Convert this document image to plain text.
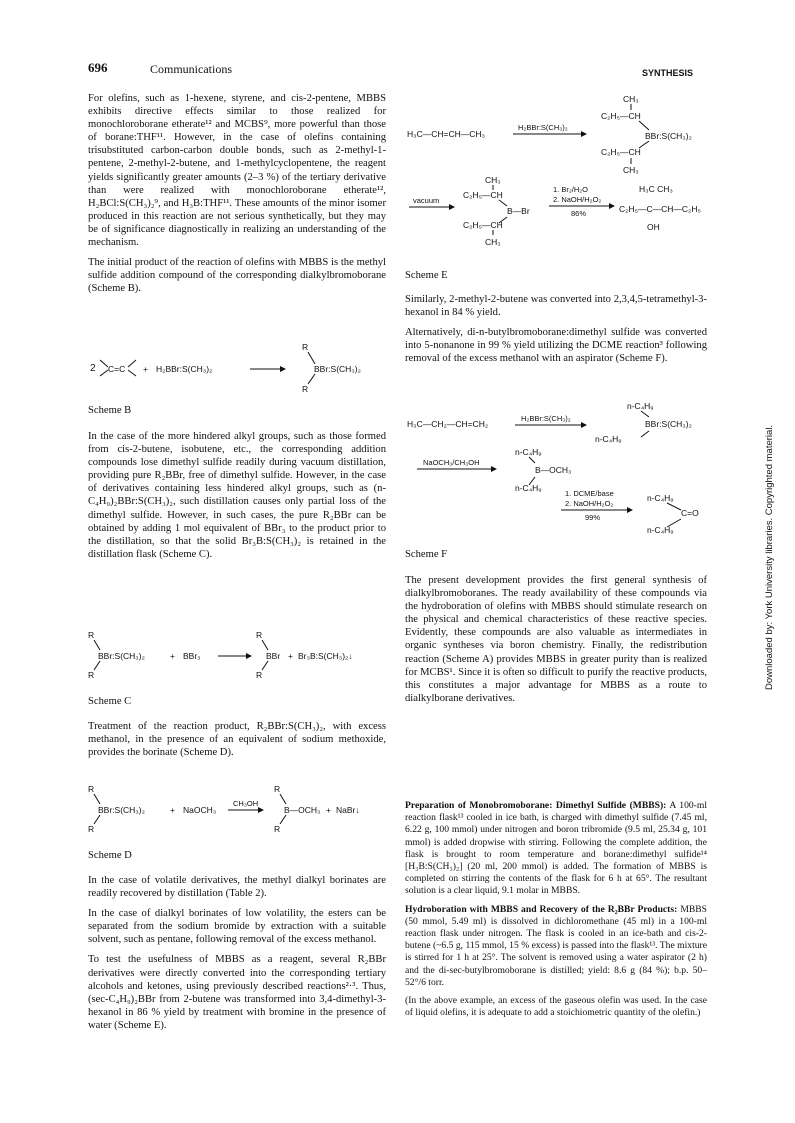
696	Communications	SYNTHESIS
Downloaded by: York University libraries. Copyrighted material.

For olefins, such as 1-hexene, styrene, and cis-2-pentene, MBBS exhibits directive effects similar to those realized for monochloroborane etherate¹² and MCBS⁹, more powerful than those of borane:THF¹¹. However, in the case of olefins containing trisubstituted carbon-carbon double bonds, such as 2-methyl-1-pentene, 2-methyl-2-butene, and 1-methylcyclopentene, the reagent yields significantly greater amounts (2–3 %) of the tertiary derivative than were realized with monochloroborane etherate¹², H₂BCl:S(CH₃)₂⁹, and H₃B:THF¹¹. These amounts of the minor isomer produced in this reaction are not serious synthetically, but they may be of significance diagnostically in realizing an understanding of the mechanism.

The initial product of the reaction of olefins with MBBS is the methyl sulfide addition compound of the corresponding dialkylbromoborane (Scheme B).

2 C=C + H₂BBr:S(CH₃)₂
R
BBr:S(CH₃)₂
R
Scheme B

In the case of the more hindered alkyl groups, such as those formed from cis-2-butene, isobutene, etc., the corresponding addition compounds lose dimethyl sulfide readily during vacuum distillation, providing pure R₂BBr, free of dimethyl sulfide. However, in the case of derivatives containing less hindered alkyl groups, such as (n-C₄H₉)₂BBr:S(CH₃)₂, such distillation causes only partial loss of the dimethyl sulfide. However, in such cases, the pure R₂BBr can be obtained by adding 1 mol equivalent of BBr₃ to the product prior to the distillation, so that the solid Br₃B:S(CH₃)₂ is retained in the distillation flask (Scheme C).

R
BBr:S(CH₃)₂
R
+ BBr₃
R
BBr
R
+ Br₃B:S(CH₃)₂↓
Scheme C

Treatment of the reaction product, R₂BBr:S(CH₃)₂, with excess methanol, in the presence of an equivalent of sodium methoxide, provides the borinate (Scheme D).

R
BBr:S(CH₃)₂
R
+ NaOCH₃
CH₃OH
R
B—OCH₃
R
+ NaBr↓
Scheme D

In the case of volatile derivatives, the methyl dialkyl borinates are readily recovered by distillation (Table 2).

In the case of dialkyl borinates of low volatility, the esters can be separated from the sodium bromide by extraction with a suitable solvent, such as pentane, following removal of the excess methanol.

To test the usefulness of MBBS as a reagent, several R₂BBr derivatives were directly converted into the corresponding tertiary alcohols and ketones, using previously described reactions²·³. Thus, (sec-C₄H₉)₂BBr from 2-butene was transformed into 3,4-dimethyl-3-hexanol in 86 % yield by treatment with bromine in the presence of water (Scheme E).

CH₃
C₂H₅—CH
H₃C—CH=CH—CH₃
H₂BBr:S(CH₃)₂
BBr:S(CH₃)₂
C₂H₅—CH
CH₃
CH₃
C₂H₅—CH
vacuum
B—Br
C₂H₅—CH
CH₃
1. Br₂/H₂O
2. NaOH/H₂O₂
86%
H₃C CH₃
C₂H₅—C—CH—C₂H₅
OH
Scheme E

Similarly, 2-methyl-2-butene was converted into 2,3,4,5-tetramethyl-3-hexanol in 84 % yield.

Alternatively, di-n-butylbromoborane:dimethyl sulfide was converted into 5-nonanone in 99 % yield utilizing the DCME reaction³ following removal of the excess methanol with an aspirator (Scheme F).

n-C₄H₉
H₃C—CH₂—CH=CH₂
H₂BBr:S(CH₃)₂
BBr:S(CH₃)₂
n-C₄H₉
n-C₄H₉
NaOCH₃/CH₃OH
B—OCH₃
n-C₄H₉
1. DCME/base
2. NaOH/H₂O₂
99%
n-C₄H₉
C=O
n-C₄H₉
Scheme F

The present development provides the first general synthesis of dialkylbromoboranes. The ready availability of these compounds via the hydroboration of olefins with MBBS should stimulate research on the physical and chemical characteristics of these reactive species. Evidently, these compounds are also valuable as intermediates in organic syntheses via boron chemistry. Finally, the redistribution reaction (Scheme A) provides MBBS in greater purity than is realized for MCBS¹. Since it is often so difficult to purify the reactive products, this constitutes a major advantage for MBBS as a route to dialkylborane derivatives.

Preparation of Monobromoborane: Dimethyl Sulfide (MBBS): A 100-ml reaction flask¹³ cooled in ice bath, is charged with dimethyl sulfide (7.45 ml, 6.22 g, 100 mmol) under nitrogen and boron tribromide (9.5 ml, 25.34 g, 101 mmol) is added dropwise with stirring. Following the complete addition, the flask is brought to room temperature and borane:dimethyl sulfide¹⁴ [H₃B:S(CH₃)₂] (20 ml, 200 mmol) is added. The formation of MBBS is completed on stirring the contents of the flask for 6 h at 65°. The resultant solution is a clear liquid, 9.1 molar in MBBS.

Hydroboration with MBBS and Recovery of the R₂BBr Products: MBBS (50 mmol, 5.49 ml) is dissolved in dichloromethane (45 ml) in a 100-ml reaction flask under nitrogen. The flask is cooled in an ice-bath and cis-2-butene (~6.5 g, 115 mmol, 15 % excess) is passed into the flask¹³. The mixture is stirred for 1 h at 25°. The solvent is removed using a water aspirator (2 h) and the di-sec-butylbromoborane is distilled; yield: 8.6 g (84 %); b.p. 50–52°/6 torr.

(In the above example, an excess of the gaseous olefin was used. In the case of liquid olefins, it is adequate to add a stoichiometric quantity of the olefin.)
